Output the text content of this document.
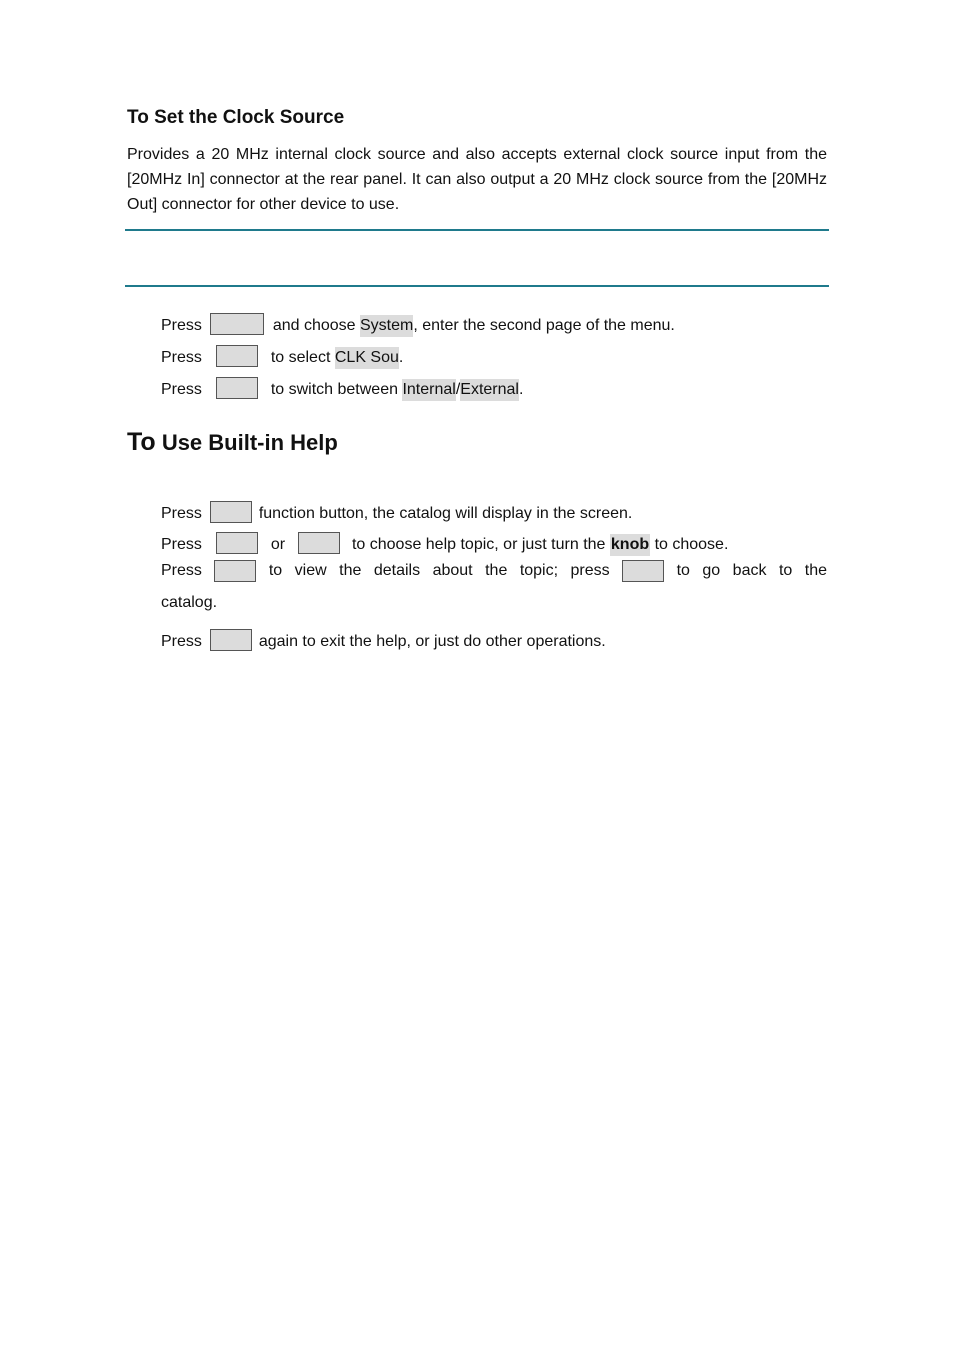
To Set the Clock Source

Provides a 20 MHz internal clock source and also accepts external clock source input from the [20MHz In] connector at the rear panel. It can also output a 20 MHz clock source from the [20MHz Out] connector for other device to use.

Press	and choose System, enter the second page of the menu.
Press	to select CLK Sou.
Press	to switch between Internal/External.
To Use Built-in Help
Press	function button, the catalog will display in the screen.
Press	or	to choose help topic, or just turn the knob to choose.
Press	to view the details about the topic; press	to go back to the
catalog.
Press	again to exit the help, or just do other operations.
